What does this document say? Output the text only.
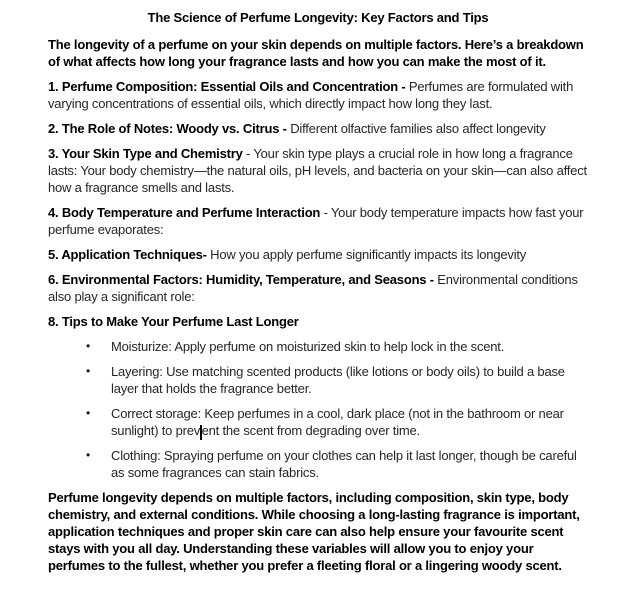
The Science of Perfume Longevity: Key Factors and Tips

The longevity of a perfume on your skin depends on multiple factors. Here’s a breakdown of what affects how long your fragrance lasts and how you can make the most of it.

1. Perfume Composition: Essential Oils and Concentration - Perfumes are formulated with varying concentrations of essential oils, which directly impact how long they last.

2. The Role of Notes: Woody vs. Citrus - Different olfactive families also affect longevity

3. Your Skin Type and Chemistry - Your skin type plays a crucial role in how long a fragrance lasts: Your body chemistry—the natural oils, pH levels, and bacteria on your skin—can also affect how a fragrance smells and lasts.

4. Body Temperature and Perfume Interaction - Your body temperature impacts how fast your perfume evaporates:

5. Application Techniques- How you apply perfume significantly impacts its longevity

6. Environmental Factors: Humidity, Temperature, and Seasons - Environmental conditions also play a significant role:

8. Tips to Make Your Perfume Last Longer

• Moisturize: Apply perfume on moisturized skin to help lock in the scent.
• Layering: Use matching scented products (like lotions or body oils) to build a base layer that holds the fragrance better.
• Correct storage: Keep perfumes in a cool, dark place (not in the bathroom or near sunlight) to prev ent the scent from degrading over time.
• Clothing: Spraying perfume on your clothes can help it last longer, though be careful as some fragrances can stain fabrics.

Perfume longevity depends on multiple factors, including composition, skin type, body chemistry, and external conditions. While choosing a long-lasting fragrance is important, application techniques and proper skin care can also help ensure your favourite scent stays with you all day. Understanding these variables will allow you to enjoy your perfumes to the fullest, whether you prefer a fleeting floral or a lingering woody scent.
